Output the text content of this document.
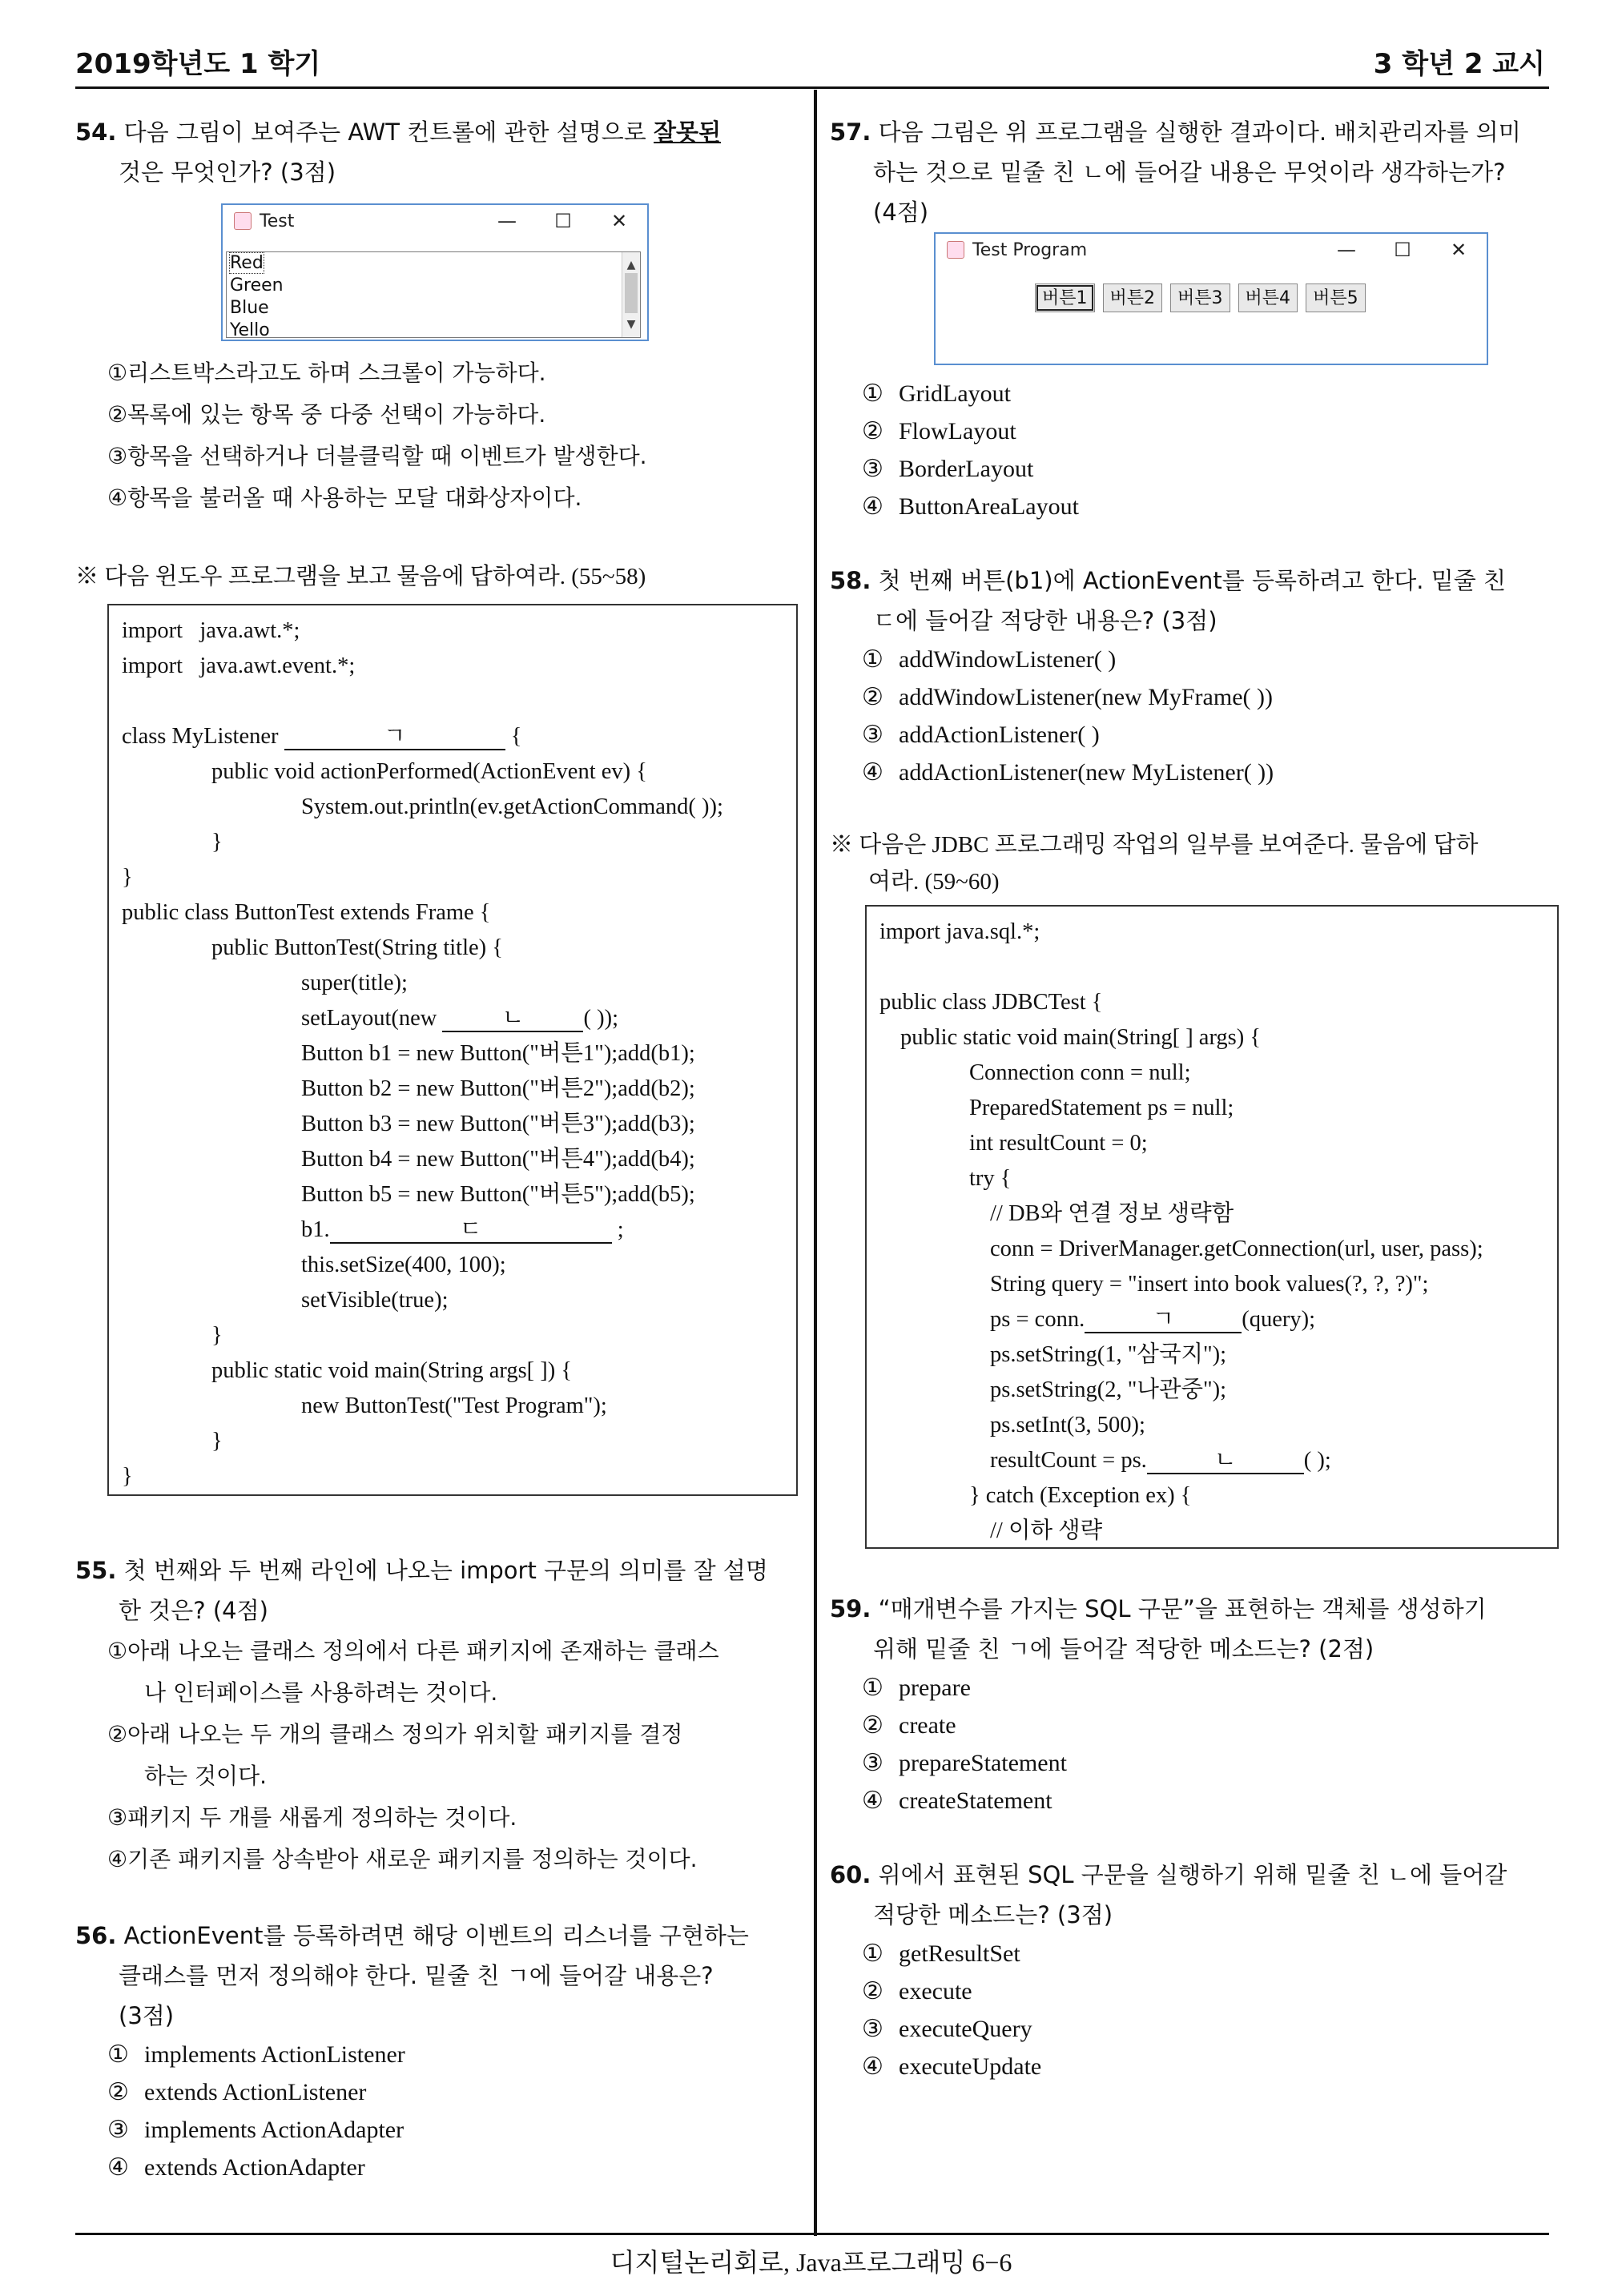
2019학년도 1 학기	3 학년 2 교시
54. 다음 그림이 보여주는 AWT 컨트롤에 관한 설명으로 잘못된
것은 무엇인가? (3점)
Test	—	☐	✕
Red
Green
Blue
Yello
▲
▼
①리스트박스라고도 하며 스크롤이 가능하다.
②목록에 있는 항목 중 다중 선택이 가능하다.
③항목을 선택하거나 더블클릭할 때 이벤트가 발생한다.
④항목을 불러올 때 사용하는 모달 대화상자이다.
※ 다음 윈도우 프로그램을 보고 물음에 답하여라. (55~58)
import   java.awt.*;
import   java.awt.event.*;

class MyListener	ㄱ	{
public void actionPerformed(ActionEvent ev) {
System.out.println(ev.getActionCommand( ));
}
}
public class ButtonTest extends Frame {
public ButtonTest(String title) {
super(title);
setLayout(new	ㄴ	( ));
Button b1 = new Button("버튼1");add(b1);
Button b2 = new Button("버튼2");add(b2);
Button b3 = new Button("버튼3");add(b3);
Button b4 = new Button("버튼4");add(b4);
Button b5 = new Button("버튼5");add(b5);
b1.	ㄷ	;
this.setSize(400, 100);
setVisible(true);
}
public static void main(String args[ ]) {
new ButtonTest("Test Program");
}
}
55. 첫 번째와 두 번째 라인에 나오는 import 구문의 의미를 잘 설명
한 것은? (4점)
①아래 나오는 클래스 정의에서 다른 패키지에 존재하는 클래스
나 인터페이스를 사용하려는 것이다.
②아래 나오는 두 개의 클래스 정의가 위치할 패키지를 결정
하는 것이다.
③패키지 두 개를 새롭게 정의하는 것이다.
④기존 패키지를 상속받아 새로운 패키지를 정의하는 것이다.
56. ActionEvent를 등록하려면 해당 이벤트의 리스너를 구현하는
클래스를 먼저 정의해야 한다. 밑줄 친 ㄱ에 들어갈 내용은?
(3점)
① implements ActionListener
② extends ActionListener
③ implements ActionAdapter
④ extends ActionAdapter
57. 다음 그림은 위 프로그램을 실행한 결과이다. 배치관리자를 의미
하는 것으로 밑줄 친 ㄴ에 들어갈 내용은 무엇이라 생각하는가?
(4점)
Test Program	—	☐	✕
버튼1	버튼2	버튼3	버튼4	버튼5
① GridLayout
② FlowLayout
③ BorderLayout
④ ButtonAreaLayout
58. 첫 번째 버튼(b1)에 ActionEvent를 등록하려고 한다. 밑줄 친
ㄷ에 들어갈 적당한 내용은? (3점)
① addWindowListener( )
② addWindowListener(new MyFrame( ))
③ addActionListener( )
④ addActionListener(new MyListener( ))
※ 다음은 JDBC 프로그래밍 작업의 일부를 보여준다. 물음에 답하
여라. (59~60)
import java.sql.*;

public class JDBCTest {
public static void main(String[ ] args) {
Connection conn = null;
PreparedStatement ps = null;
int resultCount = 0;
try {
// DB와 연결 정보 생략함
conn = DriverManager.getConnection(url, user, pass);
String query = "insert into book values(?, ?, ?)";
ps = conn.	ㄱ	(query);
ps.setString(1, "삼국지");
ps.setString(2, "나관중");
ps.setInt(3, 500);
resultCount = ps.	ㄴ	( );
} catch (Exception ex) {
// 이하 생략
59. “매개변수를 가지는 SQL 구문”을 표현하는 객체를 생성하기
위해 밑줄 친 ㄱ에 들어갈 적당한 메소드는? (2점)
① prepare
② create
③ prepareStatement
④ createStatement
60. 위에서 표현된 SQL 구문을 실행하기 위해 밑줄 친 ㄴ에 들어갈
적당한 메소드는? (3점)
① getResultSet
② execute
③ executeQuery
④ executeUpdate
디지털논리회로, Java프로그래밍 6−6
